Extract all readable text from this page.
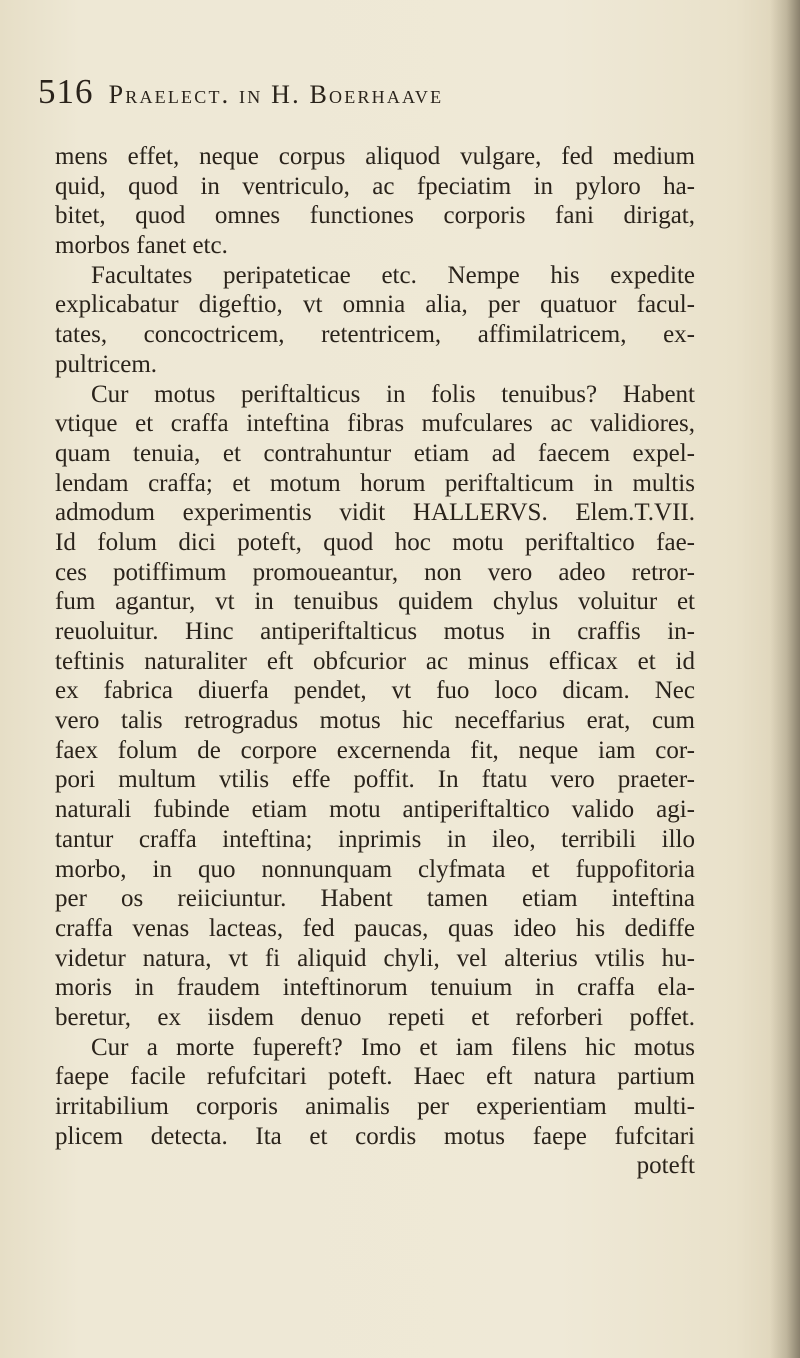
516 Praelect. in H. Boerhaave
mens effet, neque corpus aliquod vulgare, fed medium
quid, quod in ventriculo, ac fpeciatim in pyloro ha-
bitet, quod omnes functiones corporis fani dirigat,
morbos fanet etc.
Facultates peripateticae etc. Nempe his expedite
explicabatur digeftio, vt omnia alia, per quatuor facul-
tates, concoctricem, retentricem, affimilatricem, ex-
pultricem.
Cur motus periftalticus in folis tenuibus? Habent
vtique et craffa inteftina fibras mufculares ac validiores,
quam tenuia, et contrahuntur etiam ad faecem expel-
lendam craffa; et motum horum periftalticum in multis
admodum experimentis vidit HALLERVS. Elem.T.VII.
Id folum dici poteft, quod hoc motu periftaltico fae-
ces potiffimum promoueantur, non vero adeo retror-
fum agantur, vt in tenuibus quidem chylus voluitur et
reuoluitur. Hinc antiperiftalticus motus in craffis in-
teftinis naturaliter eft obfcurior ac minus efficax et id
ex fabrica diuerfa pendet, vt fuo loco dicam. Nec
vero talis retrogradus motus hic neceffarius erat, cum
faex folum de corpore excernenda fit, neque iam cor-
pori multum vtilis effe poffit. In ftatu vero praeter-
naturali fubinde etiam motu antiperiftaltico valido agi-
tantur craffa inteftina; inprimis in ileo, terribili illo
morbo, in quo nonnunquam clyfmata et fuppofitoria
per os reiiciuntur. Habent tamen etiam inteftina
craffa venas lacteas, fed paucas, quas ideo his dediffe
videtur natura, vt fi aliquid chyli, vel alterius vtilis hu-
moris in fraudem inteftinorum tenuium in craffa ela-
beretur, ex iisdem denuo repeti et reforberi poffet.
Cur a morte fupereft? Imo et iam filens hic motus
faepe facile refufcitari poteft. Haec eft natura partium
irritabilium corporis animalis per experientiam multi-
plicem detecta. Ita et cordis motus faepe fufcitari
poteft
